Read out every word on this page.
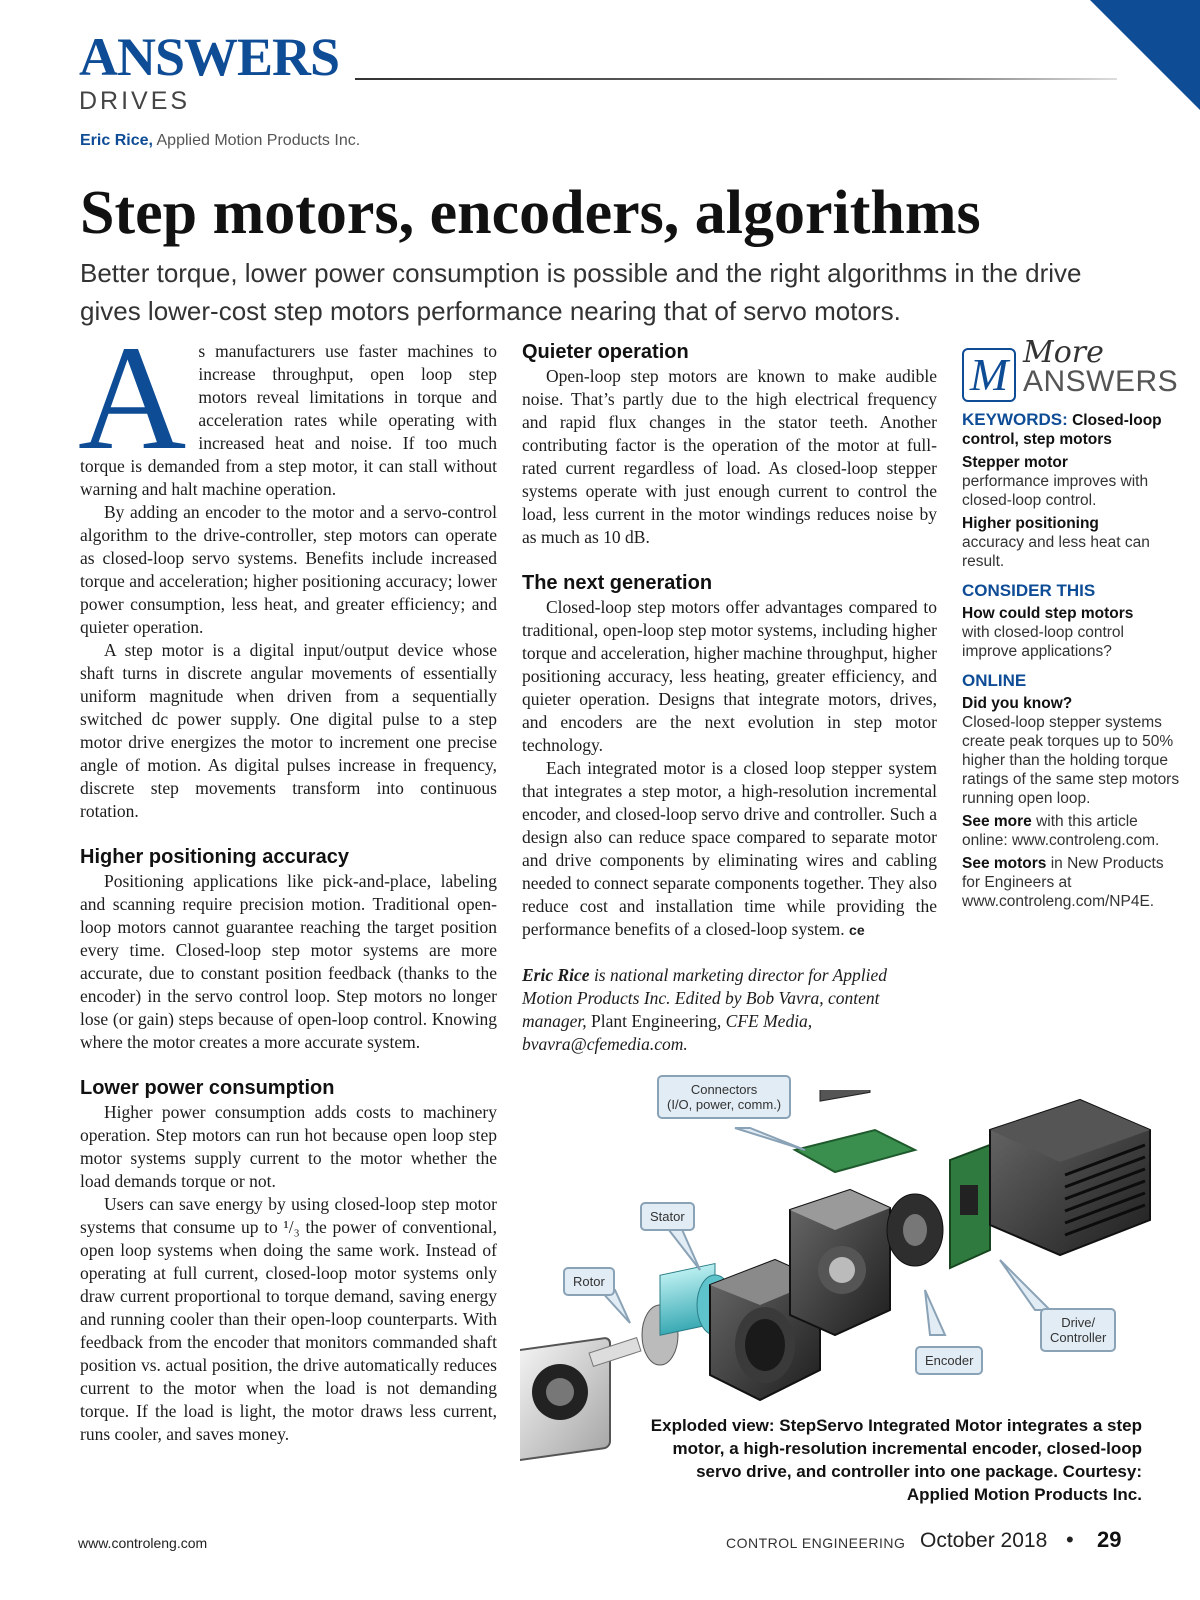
ANSWERS
DRIVES
Eric Rice, Applied Motion Products Inc.
Step motors, encoders, algorithms
Better torque, lower power consumption is possible and the right algorithms in the drive gives lower-cost step motors performance nearing that of servo motors.

As manufacturers use faster machines to increase throughput, open loop step motors reveal limitations in torque and acceleration rates while operating with increased heat and noise. If too much torque is demanded from a step motor, it can stall without warning and halt machine operation.

By adding an encoder to the motor and a servo-control algorithm to the drive-controller, step motors can operate as closed-loop servo systems. Benefits include increased torque and acceleration; higher positioning accuracy; lower power consumption, less heat, and greater efficiency; and quieter operation.

A step motor is a digital input/output device whose shaft turns in discrete angular movements of essentially uniform magnitude when driven from a sequentially switched dc power supply. One digital pulse to a step motor drive energizes the motor to increment one precise angle of motion. As digital pulses increase in frequency, discrete step movements transform into continuous rotation.

Higher positioning accuracy

Positioning applications like pick-and-place, labeling and scanning require precision motion. Traditional open-loop motors cannot guarantee reaching the target position every time. Closed-loop step motor systems are more accurate, due to constant position feedback (thanks to the encoder) in the servo control loop. Step motors no longer lose (or gain) steps because of open-loop control. Knowing where the motor creates a more accurate system.

Lower power consumption

Higher power consumption adds costs to machinery operation. Step motors can run hot because open loop step motor systems supply current to the motor whether the load demands torque or not.

Users can save energy by using closed-loop step motor systems that consume up to ¹/₃ the power of conventional, open loop systems when doing the same work. Instead of operating at full current, closed-loop motor systems only draw current proportional to torque demand, saving energy and running cooler than their open-loop counterparts. With feedback from the encoder that monitors commanded shaft position vs. actual position, the drive automatically reduces current to the motor when the load is not demanding torque. If the load is light, the motor draws less current, runs cooler, and saves money.

Quieter operation

Open-loop step motors are known to make audible noise. That’s partly due to the high electrical frequency and rapid flux changes in the stator teeth. Another contributing factor is the operation of the motor at full-rated current regardless of load. As closed-loop stepper systems operate with just enough current to control the load, less current in the motor windings reduces noise by as much as 10 dB.

The next generation

Closed-loop step motors offer advantages compared to traditional, open-loop step motor systems, including higher torque and acceleration, higher machine throughput, higher positioning accuracy, less heating, greater efficiency, and quieter operation. Designs that integrate motors, drives, and encoders are the next evolution in step motor technology.

Each integrated motor is a closed loop stepper system that integrates a step motor, a high-resolution incremental encoder, and closed-loop servo drive and controller. Such a design also can reduce space compared to separate motor and drive components by eliminating wires and cabling needed to connect separate components together. They also reduce cost and installation time while providing the performance benefits of a closed-loop system. ce

Eric Rice is national marketing director for Applied Motion Products Inc. Edited by Bob Vavra, content manager, Plant Engineering, CFE Media, bvavra@cfemedia.com.

M More
ANSWERS
KEYWORDS: Closed-loop control, step motors
Stepper motor
performance improves with closed-loop control.
Higher positioning
accuracy and less heat can result.
CONSIDER THIS
How could step motors
with closed-loop control improve applications?
ONLINE
Did you know?
Closed-loop stepper systems create peak torques up to 50% higher than the holding torque ratings of the same step motors running open loop.
See more with this article online: www.controleng.com.
See motors in New Products for Engineers at www.controleng.com/NP4E.
Connectors
(I/O, power, comm.)
Stator
Rotor
Encoder
Drive/
Controller
Exploded view: StepServo Integrated Motor integrates a step motor, a high-resolution incremental encoder, closed-loop servo drive, and controller into one package. Courtesy: Applied Motion Products Inc.
www.controleng.com	CONTROL ENGINEERING October 2018 • 29
